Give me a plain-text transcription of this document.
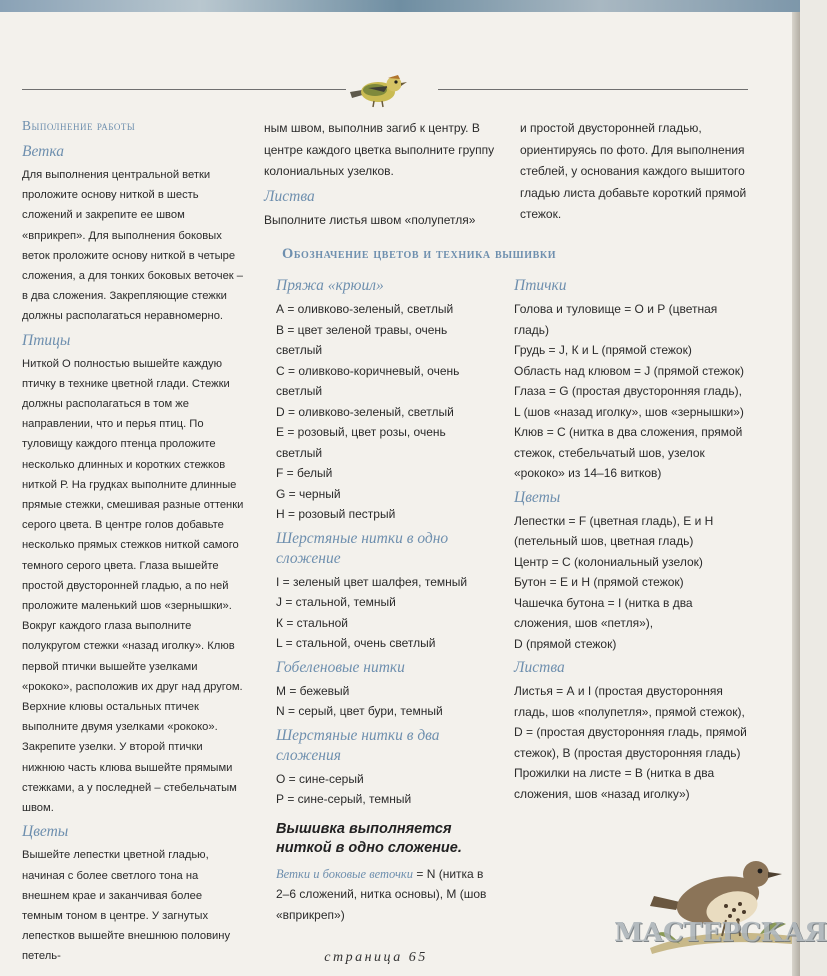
Выполнение работы
Ветка

Для выполнения центральной ветки проложите основу ниткой в шесть сложений и закрепите ее швом «вприкреп». Для выполнения боковых веток проложите основу ниткой в четыре сложения, а для тонких боковых веточек – в два сложения. Закрепляющие стежки должны располагаться неравномерно.

Птицы

Ниткой О полностью вышейте каждую птичку в технике цветной глади. Стежки должны располагаться в том же направлении, что и перья птиц. По туловищу каждого птенца проложите несколько длинных и коротких стежков ниткой Р. На грудках выполните длинные прямые стежки, смешивая разные оттенки серого цвета. В центре голов добавьте несколько прямых стежков ниткой самого темного серого цвета. Глаза вышейте простой двусторонней гладью, а по ней проложите маленький шов «зернышки». Вокруг каждого глаза выполните полукругом стежки «назад иголку». Клюв первой птички вышейте узелками «рококо», расположив их друг над другом. Верхние клювы остальных птичек выполните двумя узелками «рококо». Закрепите узелки. У второй птички нижнюю часть клюва вышейте прямыми стежками, а у последней – стебельчатым швом.

Цветы

Вышейте лепестки цветной гладью, начиная с более светлого тона на внешнем крае и заканчивая более темным тоном в центре. У загнутых лепестков вышейте внешнюю половину петель-

ным швом, выполнив загиб к центру. В центре каждого цветка выполните группу колониальных узелков.

Листва

Выполните листья швом «полупетля»

и простой двусторонней гладью, ориентируясь по фото. Для выполнения стеблей, у основания каждого вышитого гладью листа добавьте короткий прямой стежок.

Обозначение цветов и техника вышивки
Пряжа «крюил»

А = оливково-зеленый, светлый

В = цвет зеленой травы, очень светлый

С = оливково-коричневый, очень светлый

D = оливково-зеленый, светлый

Е = розовый, цвет розы, очень светлый

F = белый

G = черный

Н = розовый пестрый

Шерстяные нитки в одно сложение

I = зеленый цвет шалфея, темный

J = стальной, темный

К = стальной

L = стальной, очень светлый

Гобеленовые нитки

М = бежевый

N = серый, цвет бури, темный

Шерстяные нитки в два сложения

О = сине-серый

Р = сине-серый, темный

Вышивка выполняется ниткой в одно сложение.

Ветки и боковые веточки = N (нитка в 2–6 сложений, нитка основы), М (шов «вприкреп»)

Птички

Голова и туловище = О и Р (цветная гладь)

Грудь = J, К и L (прямой стежок)

Область над клювом = J (прямой стежок)

Глаза = G (простая двусторонняя гладь), L (шов «назад иголку», шов «зернышки»)

Клюв = С (нитка в два сложения, прямой стежок, стебельчатый шов, узелок «рококо» из 14–16 витков)

Цветы

Лепестки = F (цветная гладь), Е и Н (петельный шов, цветная гладь)

Центр = С (колониальный узелок)

Бутон = Е и Н (прямой стежок)

Чашечка бутона = I (нитка в два сложения, шов «петля»),

D (прямой стежок)

Листва

Листья = А и I (простая двусторонняя гладь, шов «полупетля», прямой стежок), D = (простая двусторонняя гладь, прямой стежок), В (простая двусторонняя гладь)

Прожилки на листе = В (нитка в два сложения, шов «назад иголку»)

МАСТЕРСКАЯ
страница 65
